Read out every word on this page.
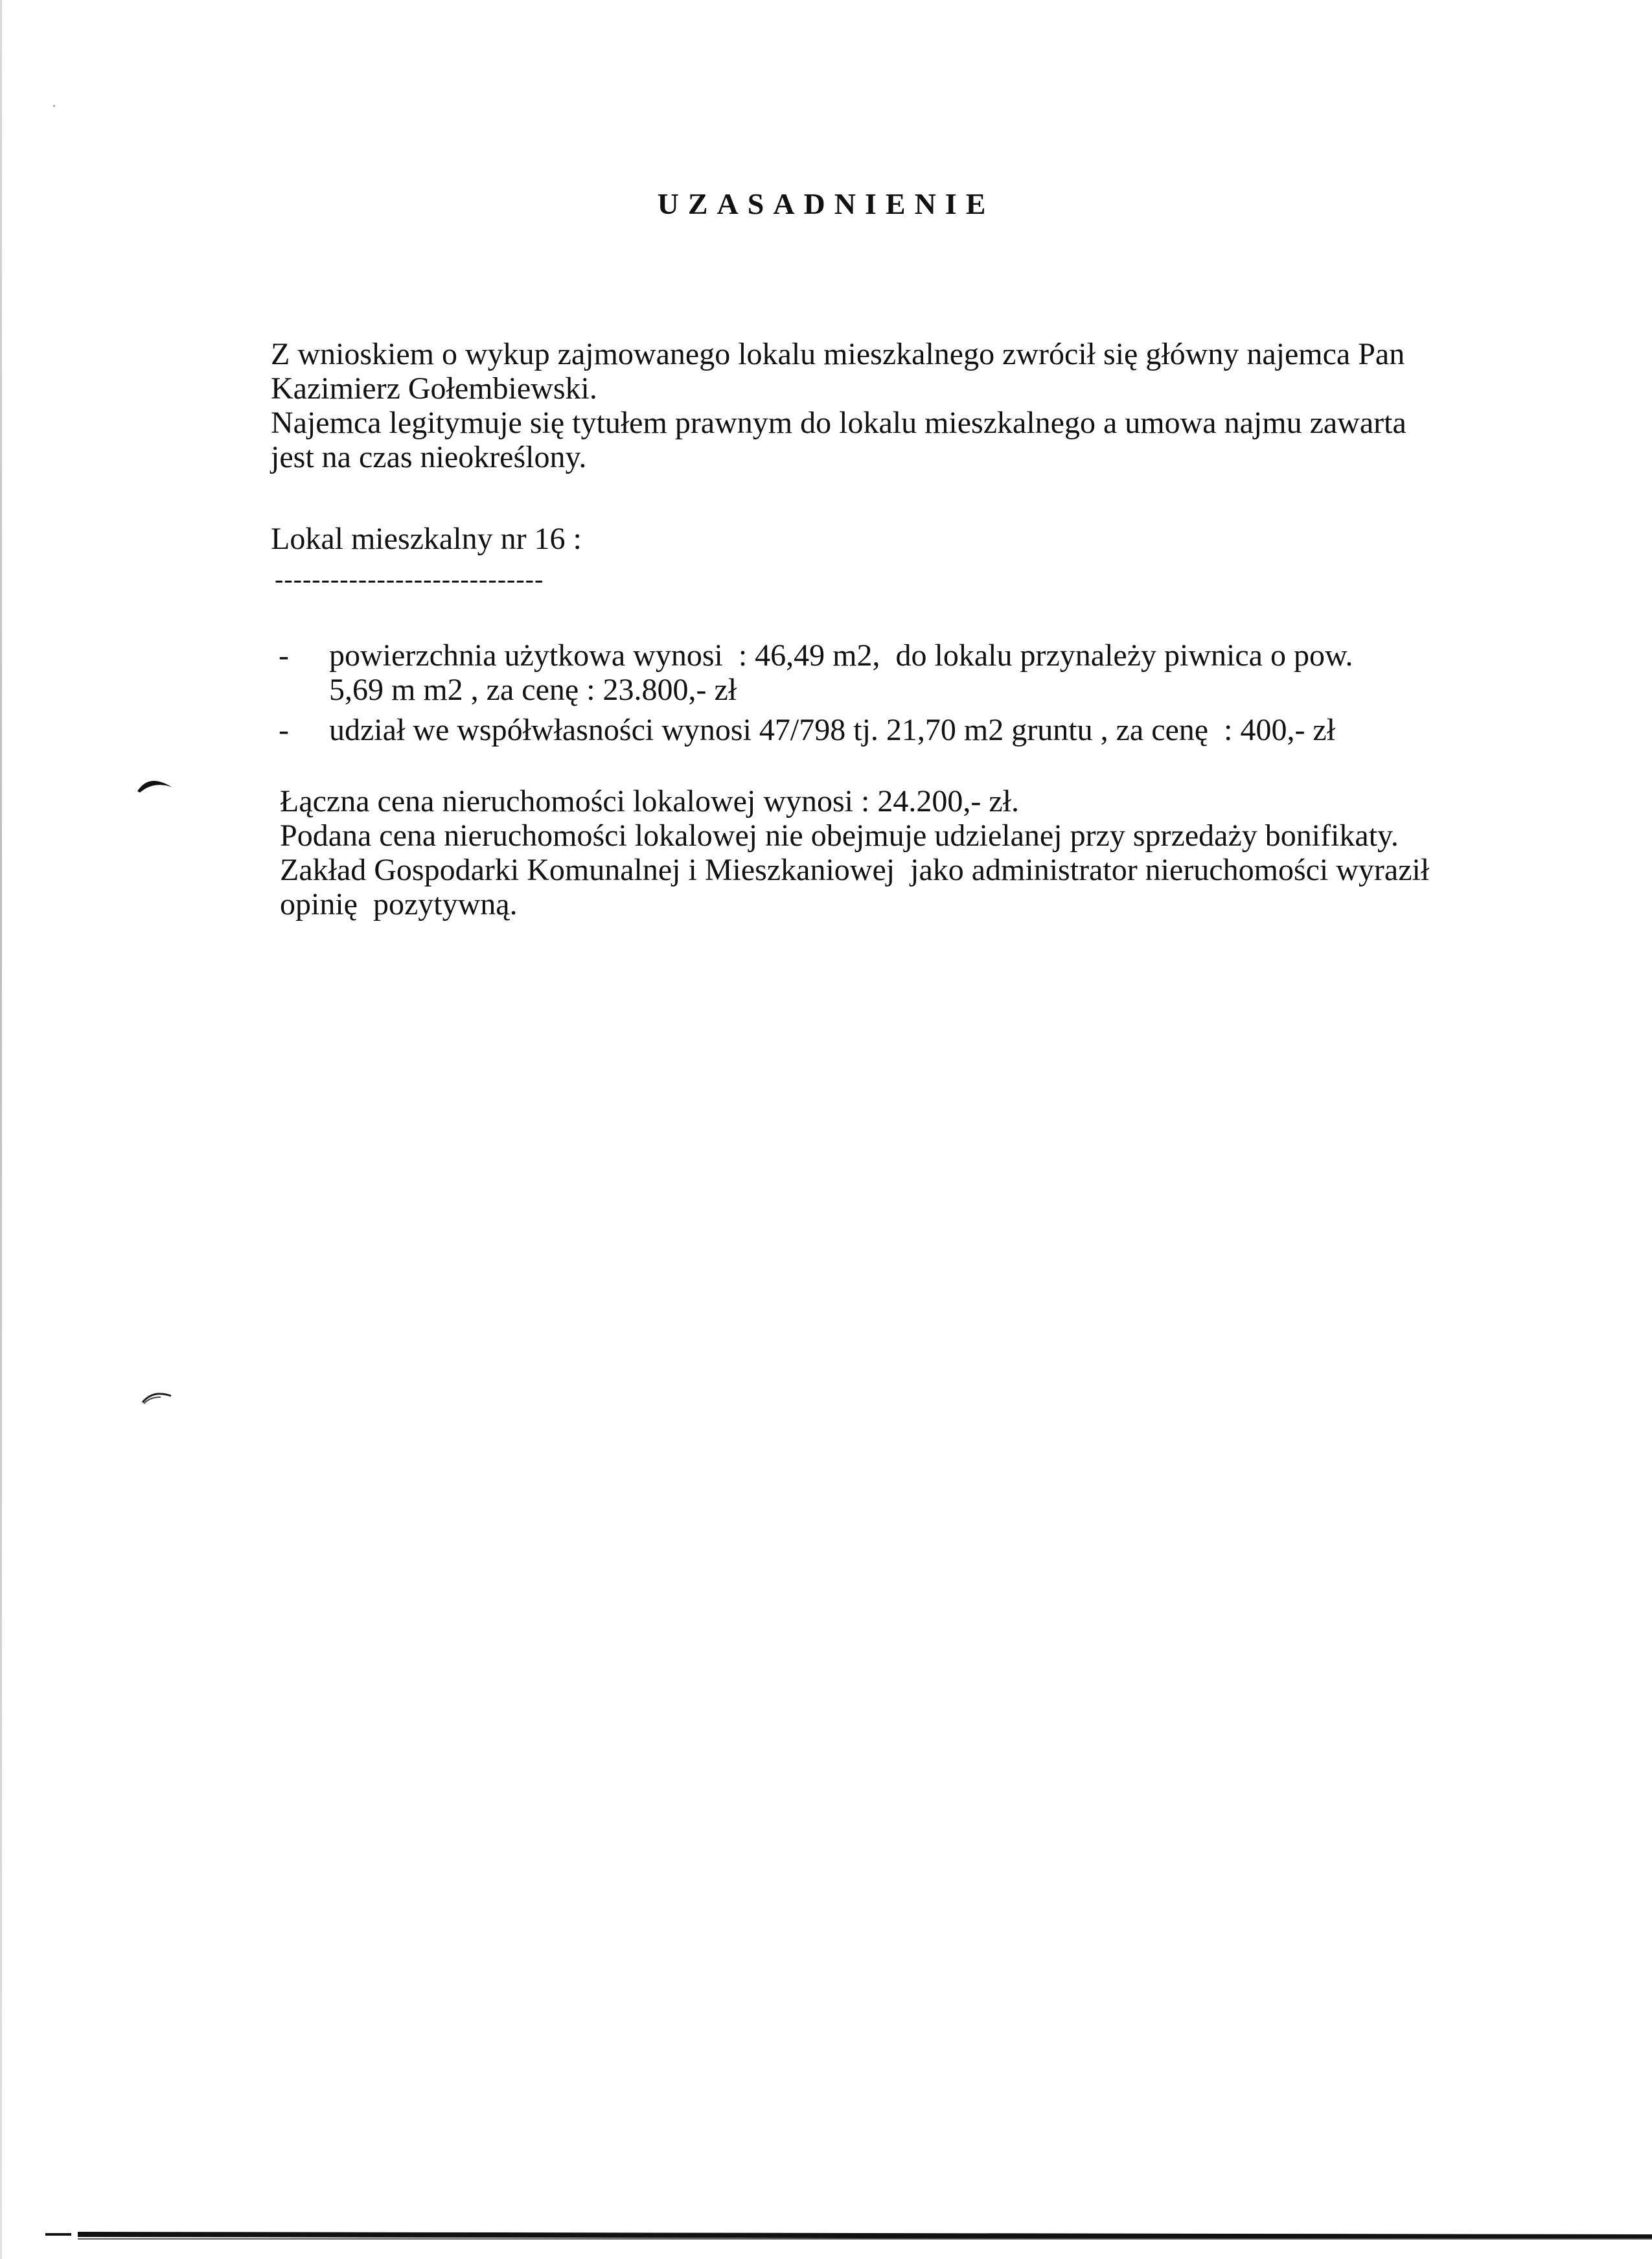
UZASADNIENIE
Z wnioskiem o wykup zajmowanego lokalu mieszkalnego zwrócił się główny najemca Pan
Kazimierz Gołembiewski.
Najemca legitymuje się tytułem prawnym do lokalu mieszkalnego a umowa najmu zawarta
jest na czas nieokreślony.
Lokal mieszkalny nr 16 :
-----------------------------
- powierzchnia użytkowa wynosi  : 46,49 m2,  do lokalu przynależy piwnica o pow.
5,69 m m2 , za cenę : 23.800,- zł
- udział we współwłasności wynosi 47/798 tj. 21,70 m2 gruntu , za cenę  : 400,- zł
Łączna cena nieruchomości lokalowej wynosi : 24.200,- zł.
Podana cena nieruchomości lokalowej nie obejmuje udzielanej przy sprzedaży bonifikaty.
Zakład Gospodarki Komunalnej i Mieszkaniowej  jako administrator nieruchomości wyraził
opinię  pozytywną.
